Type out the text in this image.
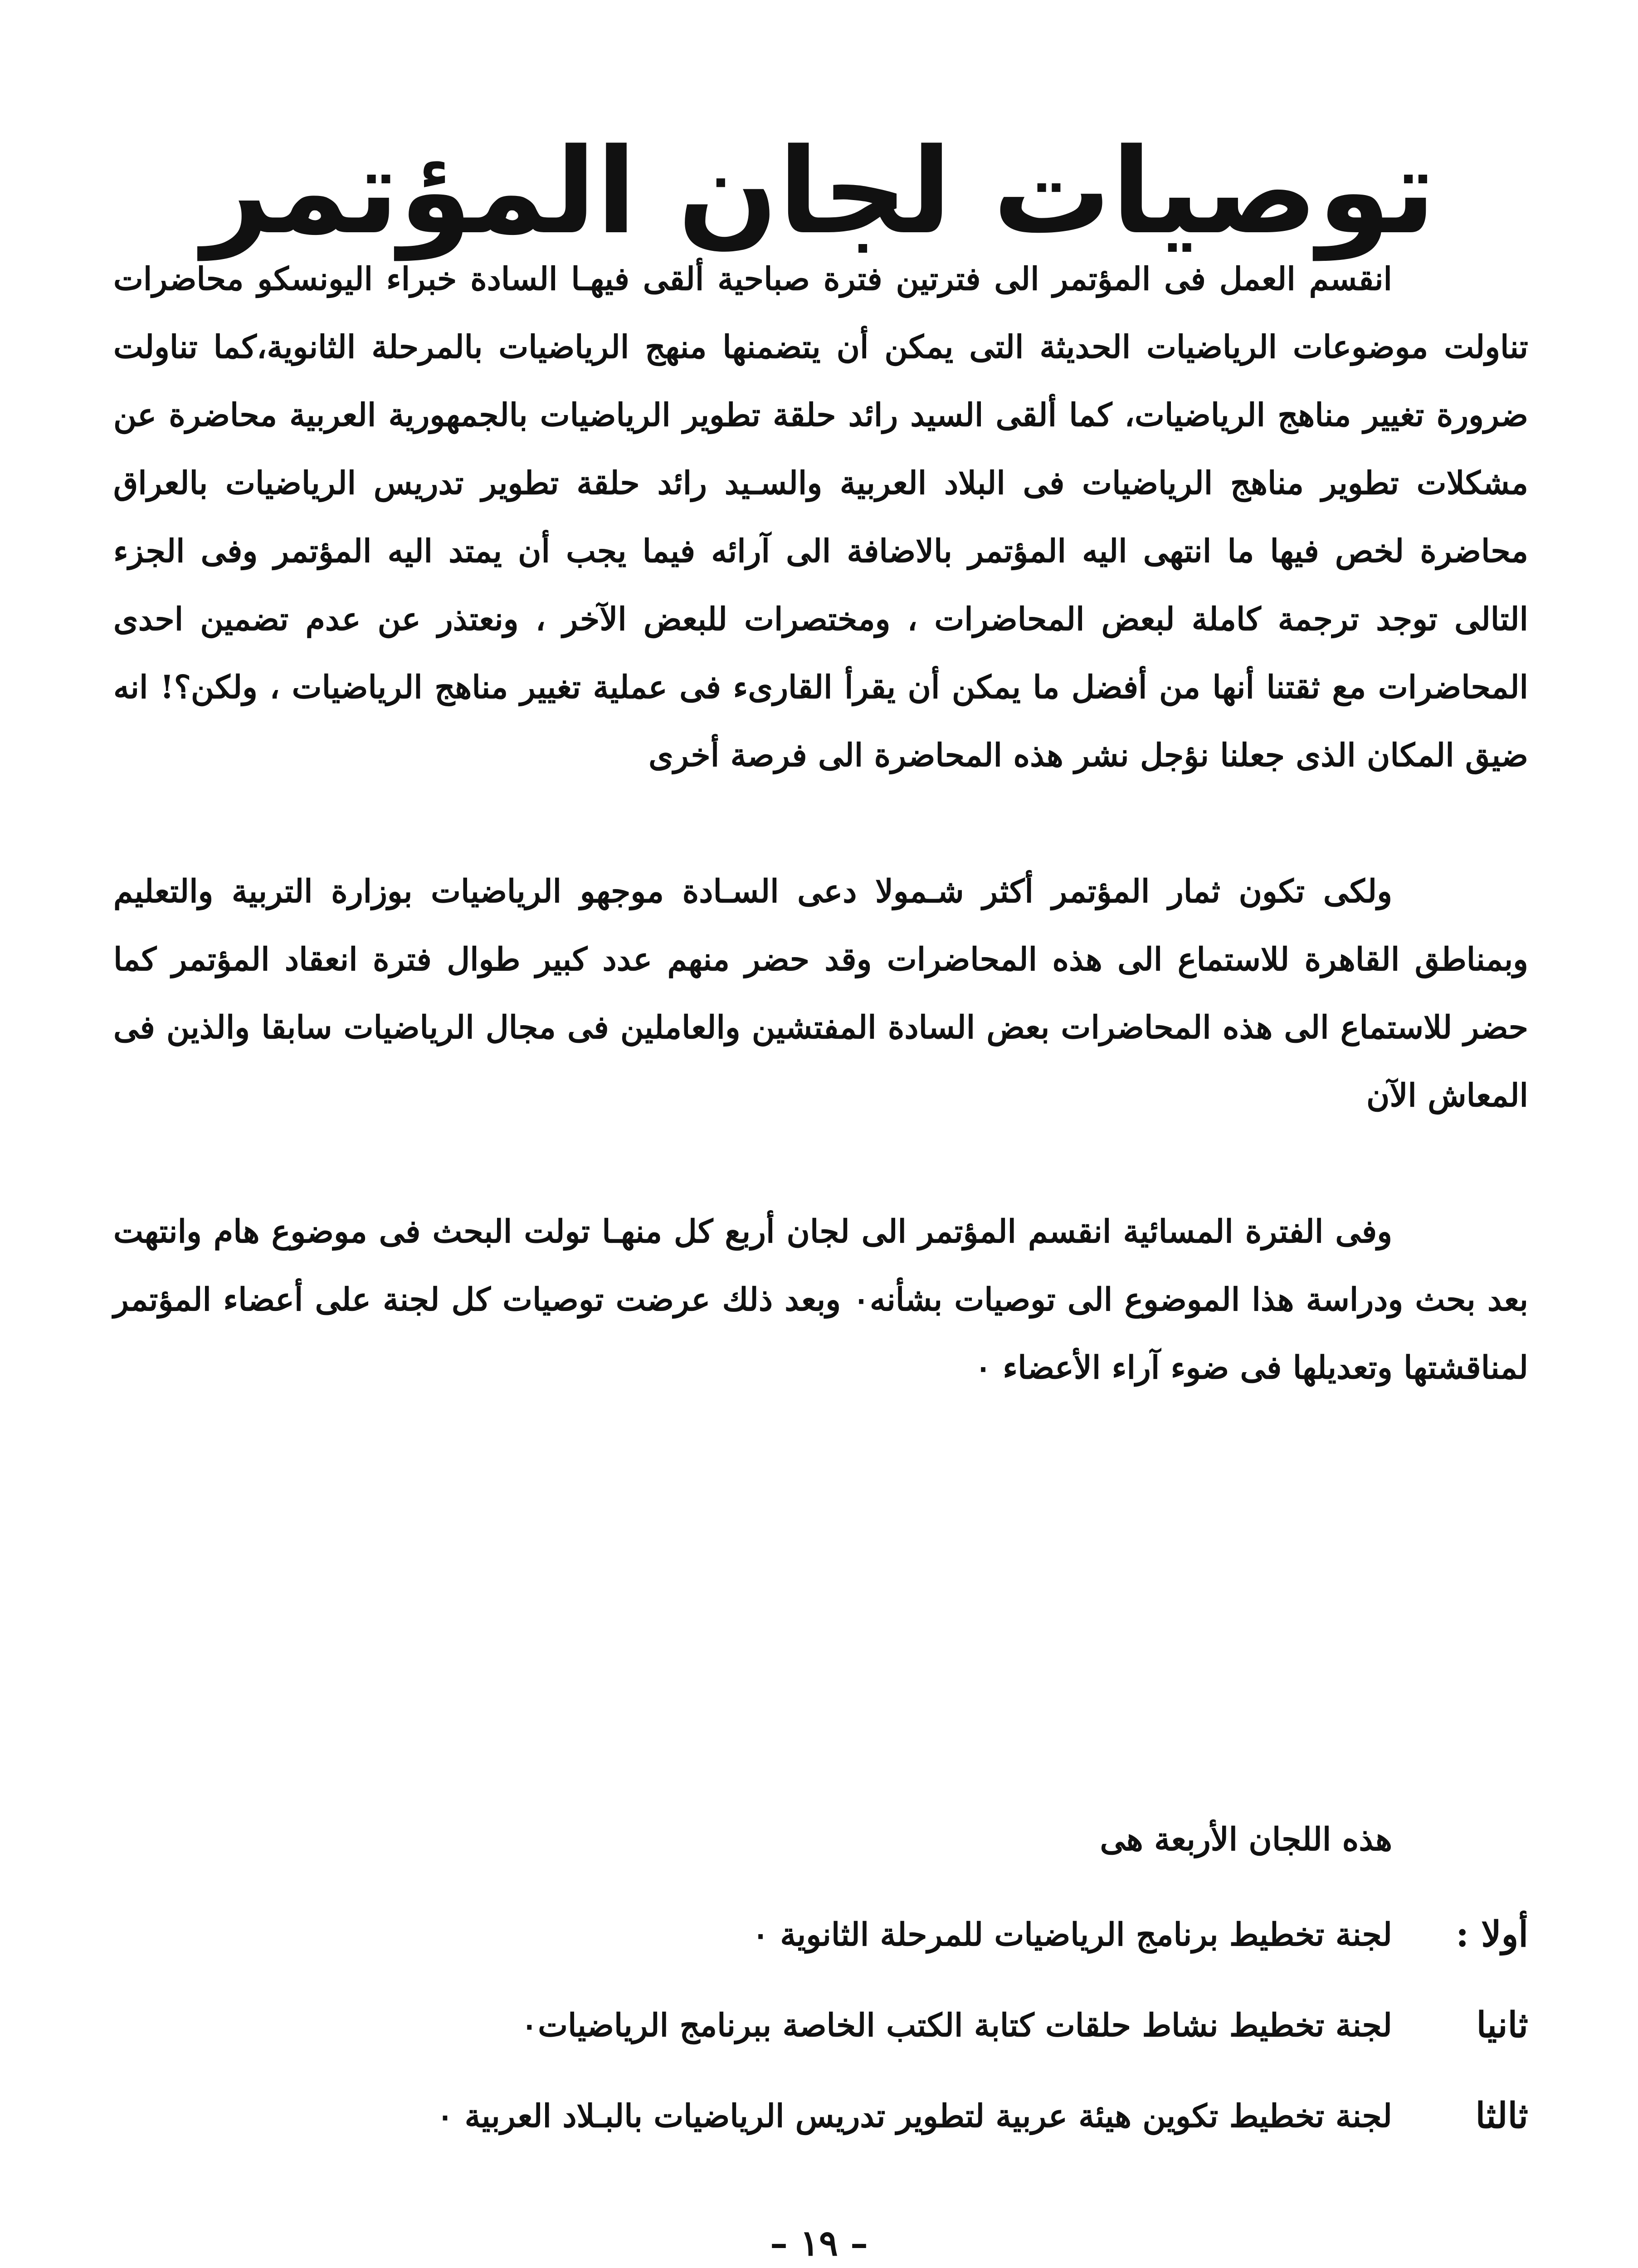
توصيات لجان المؤتمر

انقسم العمل فى المؤتمر الى فترتين فترة صباحية ألقى فيهـا السادة خبراء اليونسكو محاضرات تناولت موضوعات الرياضيات الحديثة التى يمكن أن يتضمنها منهج الرياضيات بالمرحلة الثانوية،كما تناولت ضرورة تغيير مناهج الرياضيات، كما ألقى السيد رائد حلقة تطوير الرياضيات بالجمهورية العربية محاضرة عن مشكلات تطوير مناهج الرياضيات فى البلاد العربية والسـيد رائد حلقة تطوير تدريس الرياضيات بالعراق محاضرة لخص فيها ما انتهى اليه المؤتمر بالاضافة الى آرائه فيما يجب أن يمتد اليه المؤتمر وفى الجزء التالى توجد ترجمة كاملة لبعض المحاضرات ، ومختصرات للبعض الآخر ، ونعتذر عن عدم تضمين احدى المحاضرات مع ثقتنا أنها من أفضل ما يمكن أن يقرأ القارىء فى عملية تغيير مناهج الرياضيات ، ولكن؟! انه ضيق المكان الذى جعلنا نؤجل نشر هذه المحاضرة الى فرصة أخرى

ولكى تكون ثمار المؤتمر أكثر شـمولا دعى السـادة موجهو الرياضيات بوزارة التربية والتعليم وبمناطق القاهرة للاستماع الى هذه المحاضرات وقد حضر منهم عدد كبير طوال فترة انعقاد المؤتمر كما حضر للاستماع الى هذه المحاضرات بعض السادة المفتشين والعاملين فى مجال الرياضيات سابقا والذين فى المعاش الآن

وفى الفترة المسائية انقسم المؤتمر الى لجان أربع كل منهـا تولت البحث فى موضوع هام وانتهت بعد بحث ودراسة هذا الموضوع الى توصيات بشأنه٠ وبعد ذلك عرضت توصيات كل لجنة على أعضاء المؤتمر لمناقشتها وتعديلها فى ضوء آراء الأعضاء ٠

هذه اللجان الأربعة هى
أولا :
لجنة تخطيط برنامج الرياضيات للمرحلة الثانوية ٠
ثانيا
لجنة تخطيط نشاط حلقات كتابة الكتب الخاصة ببرنامج الرياضيات٠
ثالثا
لجنة تخطيط تكوين هيئة عربية لتطوير تدريس الرياضيات بالبـلاد العربية ٠
– ١٩ –
